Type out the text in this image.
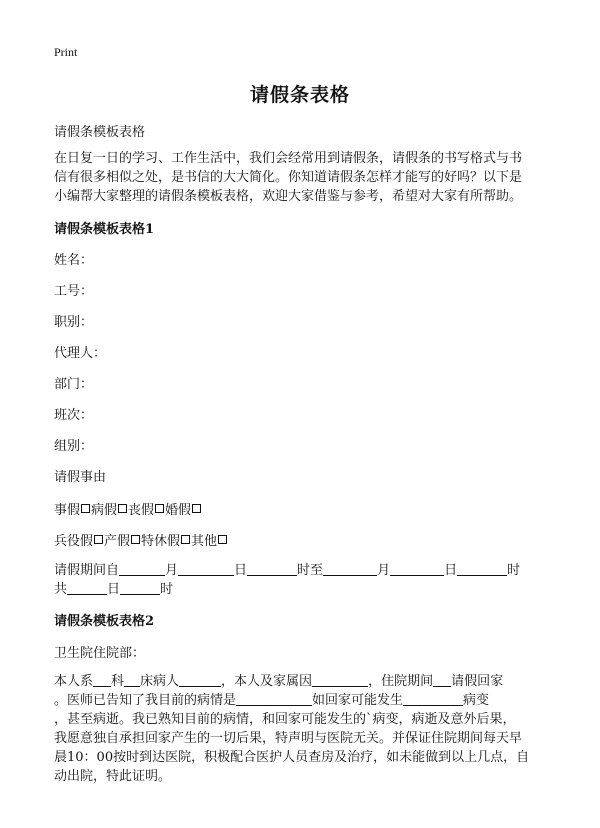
Print
请假条表格
请假条模板表格
在日复一日的学习、工作生活中，我们会经常用到请假条，请假条的书写格式与书
信有很多相似之处，是书信的大大简化。你知道请假条怎样才能写的好吗？以下是
小编帮大家整理的请假条模板表格，欢迎大家借鉴与参考，希望对大家有所帮助。
请假条模板表格1
姓名：
工号：
职别：
代理人：
部门：
班次：
组别：
请假事由
事假 病假 丧假 婚假
兵役假 产假 特休假 其他
请假期间自	月	日	时至	月	日	时
共	日	时
请假条模板表格2
卫生院住院部：
本人系 科 床病人	，本人及家属因	，住院期间 请假回家
。医师已告知了我目前的病情是	如回家可能发生	病变
，甚至病逝。我已熟知目前的病情，和回家可能发生的`病变，病逝及意外后果，
我愿意独自承担回家产生的一切后果，特声明与医院无关。并保证住院期间每天早
晨10：00按时到达医院，积极配合医护人员查房及治疗，如未能做到以上几点，自
动出院，特此证明。
